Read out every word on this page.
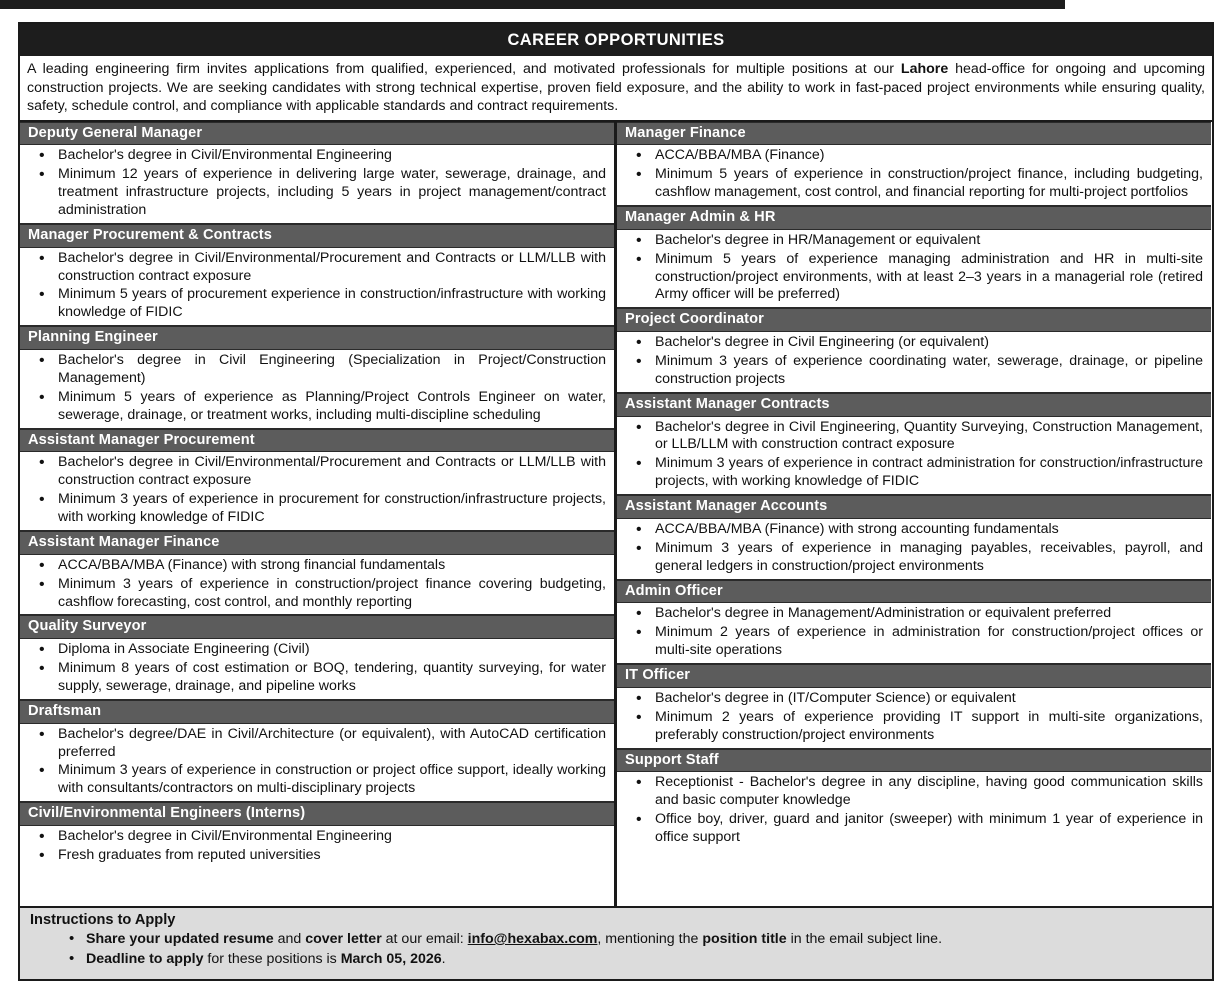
CAREER OPPORTUNITIES
A leading engineering firm invites applications from qualified, experienced, and motivated professionals for multiple positions at our Lahore head-office for ongoing and upcoming construction projects. We are seeking candidates with strong technical expertise, proven field exposure, and the ability to work in fast-paced project environments while ensuring quality, safety, schedule control, and compliance with applicable standards and contract requirements.
Deputy General Manager
• Bachelor's degree in Civil/Environmental Engineering
• Minimum 12 years of experience in delivering large water, sewerage, drainage, and treatment infrastructure projects, including 5 years in project management/contract administration
Manager Procurement & Contracts
• Bachelor's degree in Civil/Environmental/Procurement and Contracts or LLM/LLB with construction contract exposure
• Minimum 5 years of procurement experience in construction/infrastructure with working knowledge of FIDIC
Planning Engineer
• Bachelor's degree in Civil Engineering (Specialization in Project/Construction Management)
• Minimum 5 years of experience as Planning/Project Controls Engineer on water, sewerage, drainage, or treatment works, including multi-discipline scheduling
Assistant Manager Procurement
• Bachelor's degree in Civil/Environmental/Procurement and Contracts or LLM/LLB with construction contract exposure
• Minimum 3 years of experience in procurement for construction/infrastructure projects, with working knowledge of FIDIC
Assistant Manager Finance
• ACCA/BBA/MBA (Finance) with strong financial fundamentals
• Minimum 3 years of experience in construction/project finance covering budgeting, cashflow forecasting, cost control, and monthly reporting
Quality Surveyor
• Diploma in Associate Engineering (Civil)
• Minimum 8 years of cost estimation or BOQ, tendering, quantity surveying, for water supply, sewerage, drainage, and pipeline works
Draftsman
• Bachelor's degree/DAE in Civil/Architecture (or equivalent), with AutoCAD certification preferred
• Minimum 3 years of experience in construction or project office support, ideally working with consultants/contractors on multi-disciplinary projects
Civil/Environmental Engineers (Interns)
• Bachelor's degree in Civil/Environmental Engineering
• Fresh graduates from reputed universities
Manager Finance
• ACCA/BBA/MBA (Finance)
• Minimum 5 years of experience in construction/project finance, including budgeting, cashflow management, cost control, and financial reporting for multi-project portfolios
Manager Admin & HR
• Bachelor's degree in HR/Management or equivalent
• Minimum 5 years of experience managing administration and HR in multi-site construction/project environments, with at least 2–3 years in a managerial role (retired Army officer will be preferred)
Project Coordinator
• Bachelor's degree in Civil Engineering (or equivalent)
• Minimum 3 years of experience coordinating water, sewerage, drainage, or pipeline construction projects
Assistant Manager Contracts
• Bachelor's degree in Civil Engineering, Quantity Surveying, Construction Management, or LLB/LLM with construction contract exposure
• Minimum 3 years of experience in contract administration for construction/infrastructure projects, with working knowledge of FIDIC
Assistant Manager Accounts
• ACCA/BBA/MBA (Finance) with strong accounting fundamentals
• Minimum 3 years of experience in managing payables, receivables, payroll, and general ledgers in construction/project environments
Admin Officer
• Bachelor's degree in Management/Administration or equivalent preferred
• Minimum 2 years of experience in administration for construction/project offices or multi-site operations
IT Officer
• Bachelor's degree in (IT/Computer Science) or equivalent
• Minimum 2 years of experience providing IT support in multi-site organizations, preferably construction/project environments
Support Staff
• Receptionist - Bachelor's degree in any discipline, having good communication skills and basic computer knowledge
• Office boy, driver, guard and janitor (sweeper) with minimum 1 year of experience in office support
Instructions to Apply
• Share your updated resume and cover letter at our email: info@hexabax.com, mentioning the position title in the email subject line.
• Deadline to apply for these positions is March 05, 2026.
